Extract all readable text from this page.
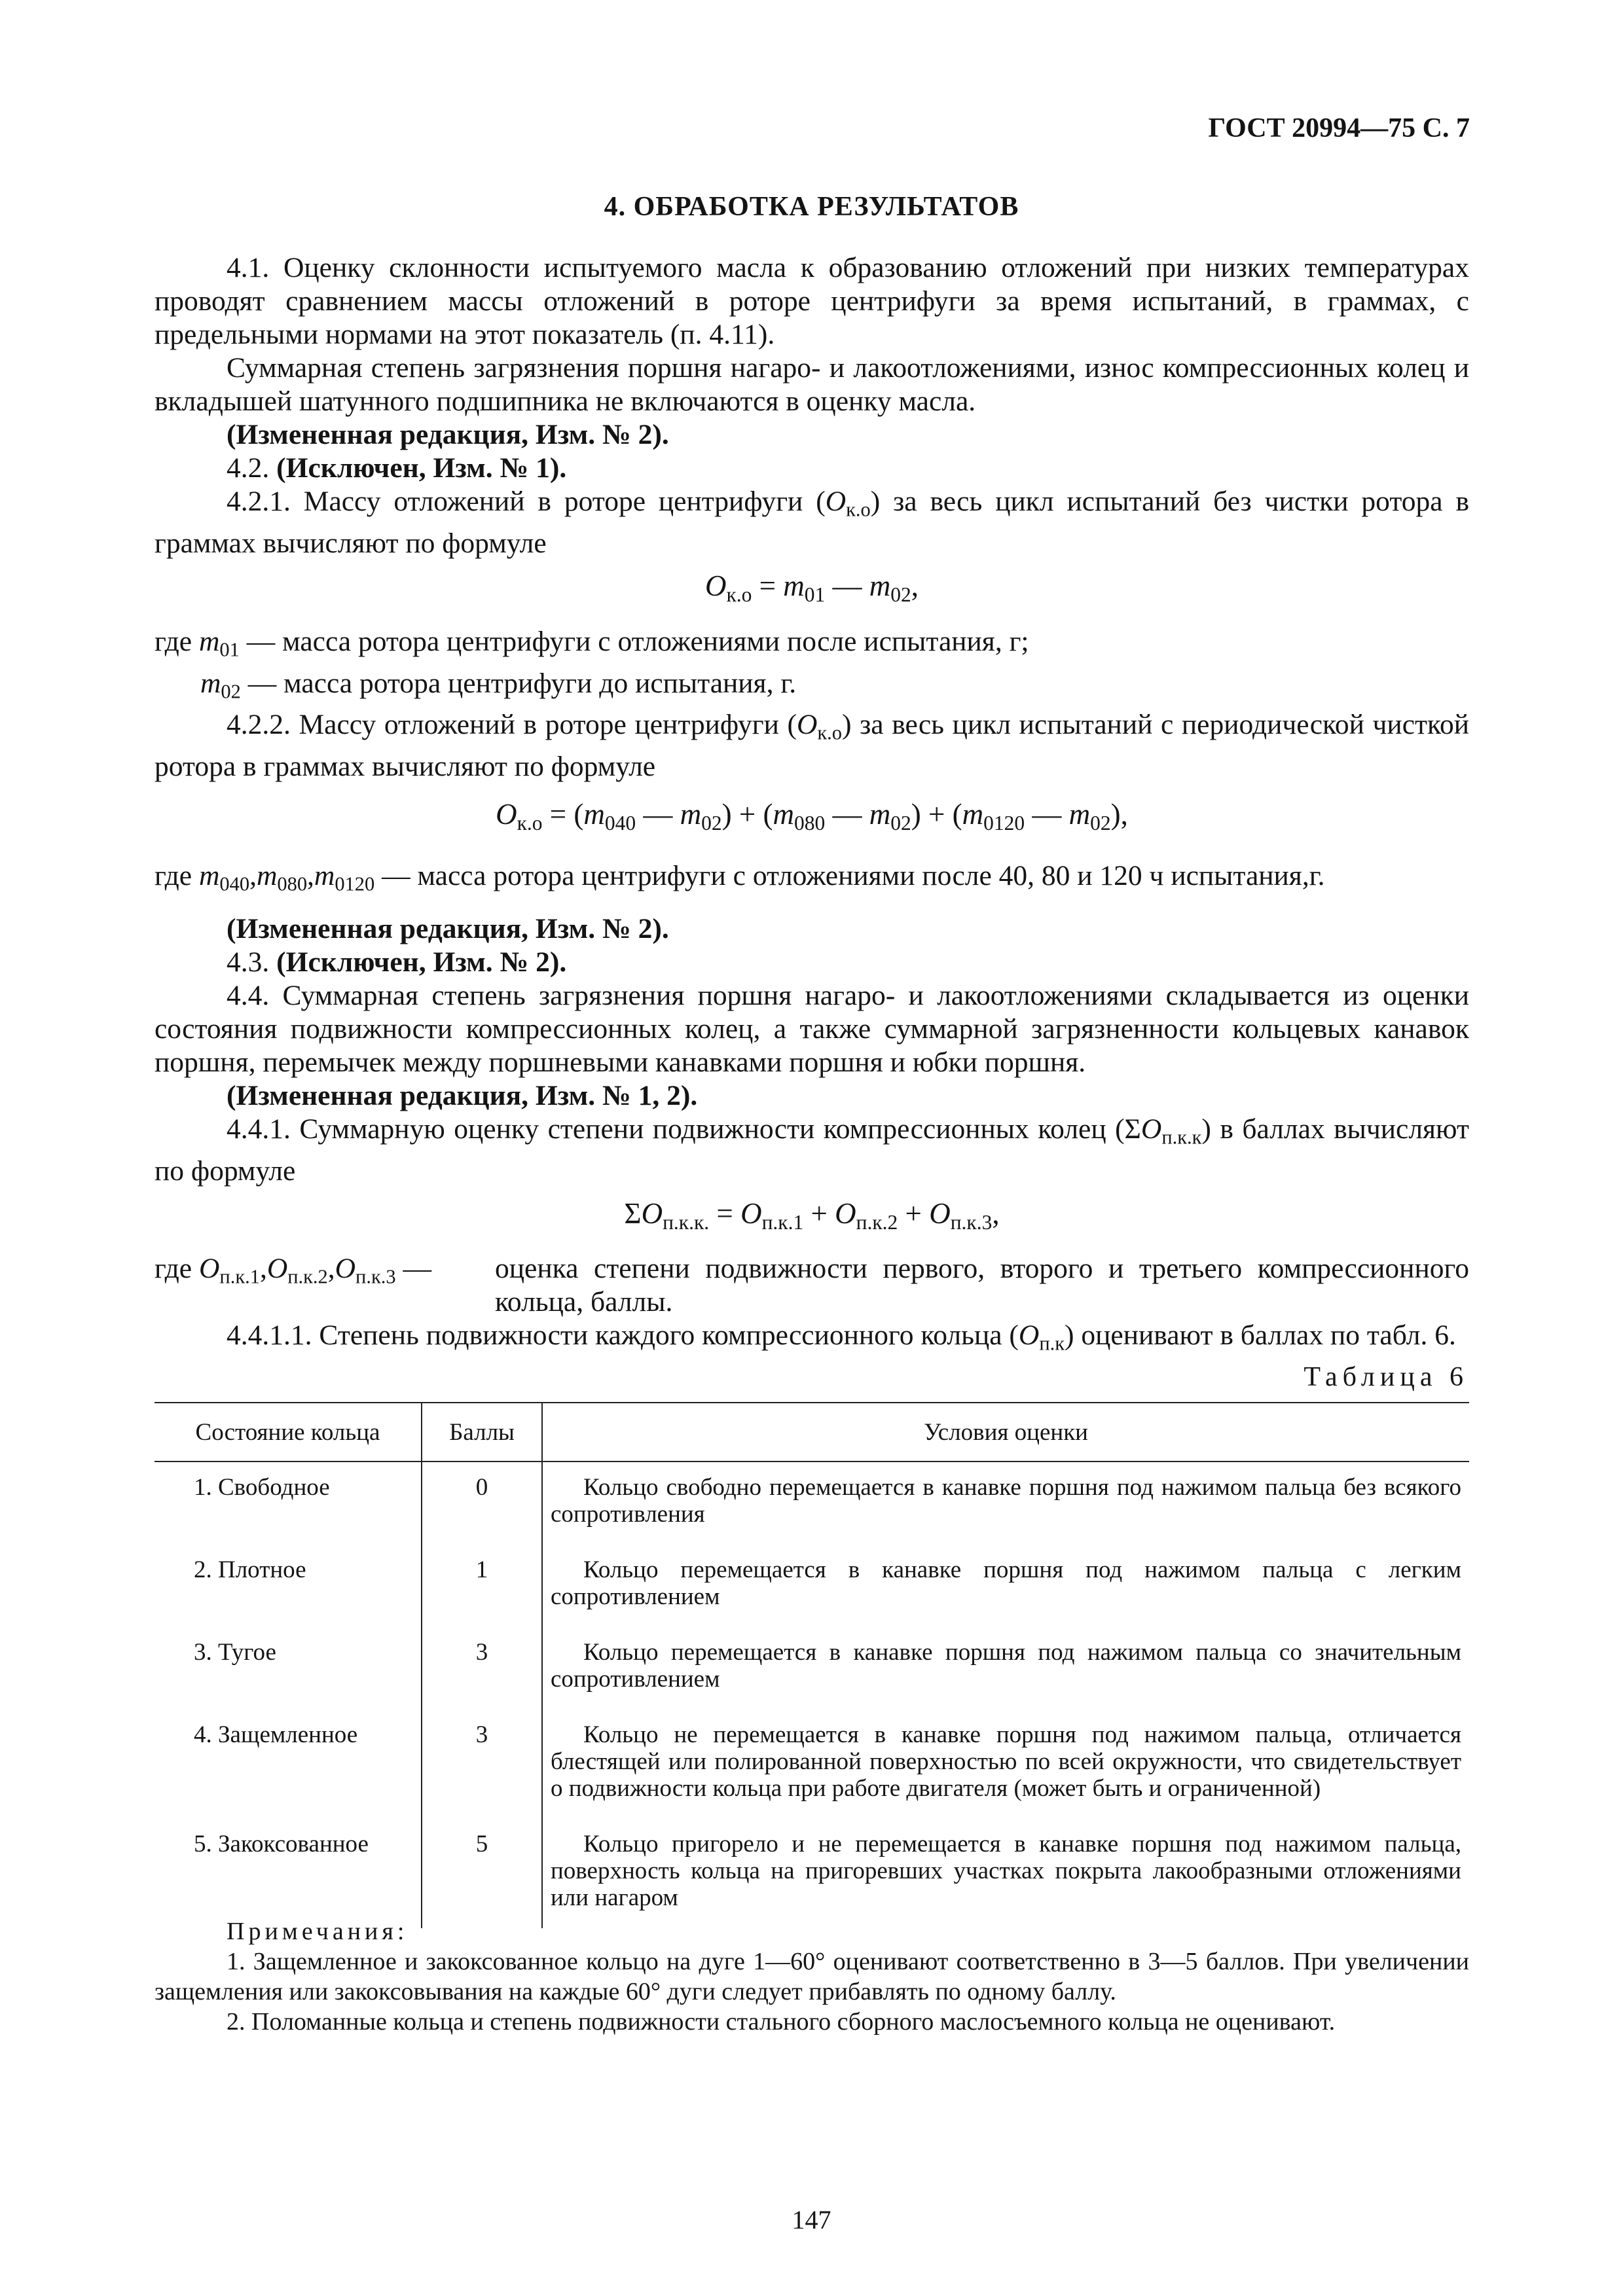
ГОСТ 20994—75 С. 7
4. ОБРАБОТКА РЕЗУЛЬТАТОВ

4.1. Оценку склонности испытуемого масла к образованию отложений при низких температурах проводят сравнением массы отложений в роторе центрифуги за время испытаний, в граммах, с предельными нормами на этот показатель (п. 4.11).

Суммарная степень загрязнения поршня нагаро- и лакоотложениями, износ компрессионных колец и вкладышей шатунного подшипника не включаются в оценку масла.

(Измененная редакция, Изм. № 2).

4.2. (Исключен, Изм. № 1).

4.2.1. Массу отложений в роторе центрифуги $(O_{к.о})$ за весь цикл испытаний без чистки ротора в граммах вычисляют по формуле

$O_{к.о} = m_{01}$ — $m_{02}$,

где $m_{01}$ — масса ротора центрифуги с отложениями после испытания, г;

$m_{02}$ — масса ротора центрифуги до испытания, г.

4.2.2. Массу отложений в роторе центрифуги $(O_{к.о})$ за весь цикл испытаний с периодической чисткой ротора в граммах вычисляют по формуле

$O_{к.о} = (m_{040}$ — $m_{02}) + (m_{080}$ — $m_{02}) + (m_{0120}$ — $m_{02}$),

где $m_{040},m_{080},m_{0120}$ — масса ротора центрифуги с отложениями после 40, 80 и 120 ч испытания,г.

(Измененная редакция, Изм. № 2).

4.3. (Исключен, Изм. № 2).

4.4. Суммарная степень загрязнения поршня нагаро- и лакоотложениями складывается из оценки состояния подвижности компрессионных колец, а также суммарной загрязненности кольцевых канавок поршня, перемычек между поршневыми канавками поршня и юбки поршня.

(Измененная редакция, Изм. № 1, 2).

4.4.1. Суммарную оценку степени подвижности компрессионных колец $(\Sigma O_{п.к.к})$ в баллах вычисляют по формуле

$\Sigma O_{п.к.к.} = O_{п.к.1} + O_{п.к.2} + O_{п.к.3}$,

где $O_{п.к.1},O_{п.к.2},O_{п.к.3}$ —	оценка степени подвижности первого, второго и третьего компрессионного кольца, баллы.

4.4.1.1. Степень подвижности каждого компрессионного кольца $(O_{п.к})$ оценивают в баллах по табл. 6.

Таблица 6
Состояние кольца	Баллы	Условия оценки
1. Свободное	0	Кольцо свободно перемещается в канавке поршня под нажимом пальца без всякого сопротивления

2. Плотное	1	Кольцо перемещается в канавке поршня под нажимом пальца с легким сопротивлением

3. Тугое	3	Кольцо перемещается в канавке поршня под нажимом пальца со значительным сопротивлением

4. Защемленное	3	Кольцо не перемещается в канавке поршня под нажимом пальца, отличается блестящей или полированной поверхностью по всей окружности, что свидетельствует о подвижности кольца при работе двигателя (может быть и ограниченной)

5. Закоксованное	5	Кольцо пригорело и не перемещается в канавке поршня под нажимом пальца, поверхность кольца на пригоревших участках покрыта лакообразными отложениями или нагаром

Примечания:

1. Защемленное и закоксованное кольцо на дуге 1—60° оценивают соответственно в 3—5 баллов. При увеличении защемления или закоксовывания на каждые 60° дуги следует прибавлять по одному баллу.

2. Поломанные кольца и степень подвижности стального сборного маслосъемного кольца не оценивают.

147
